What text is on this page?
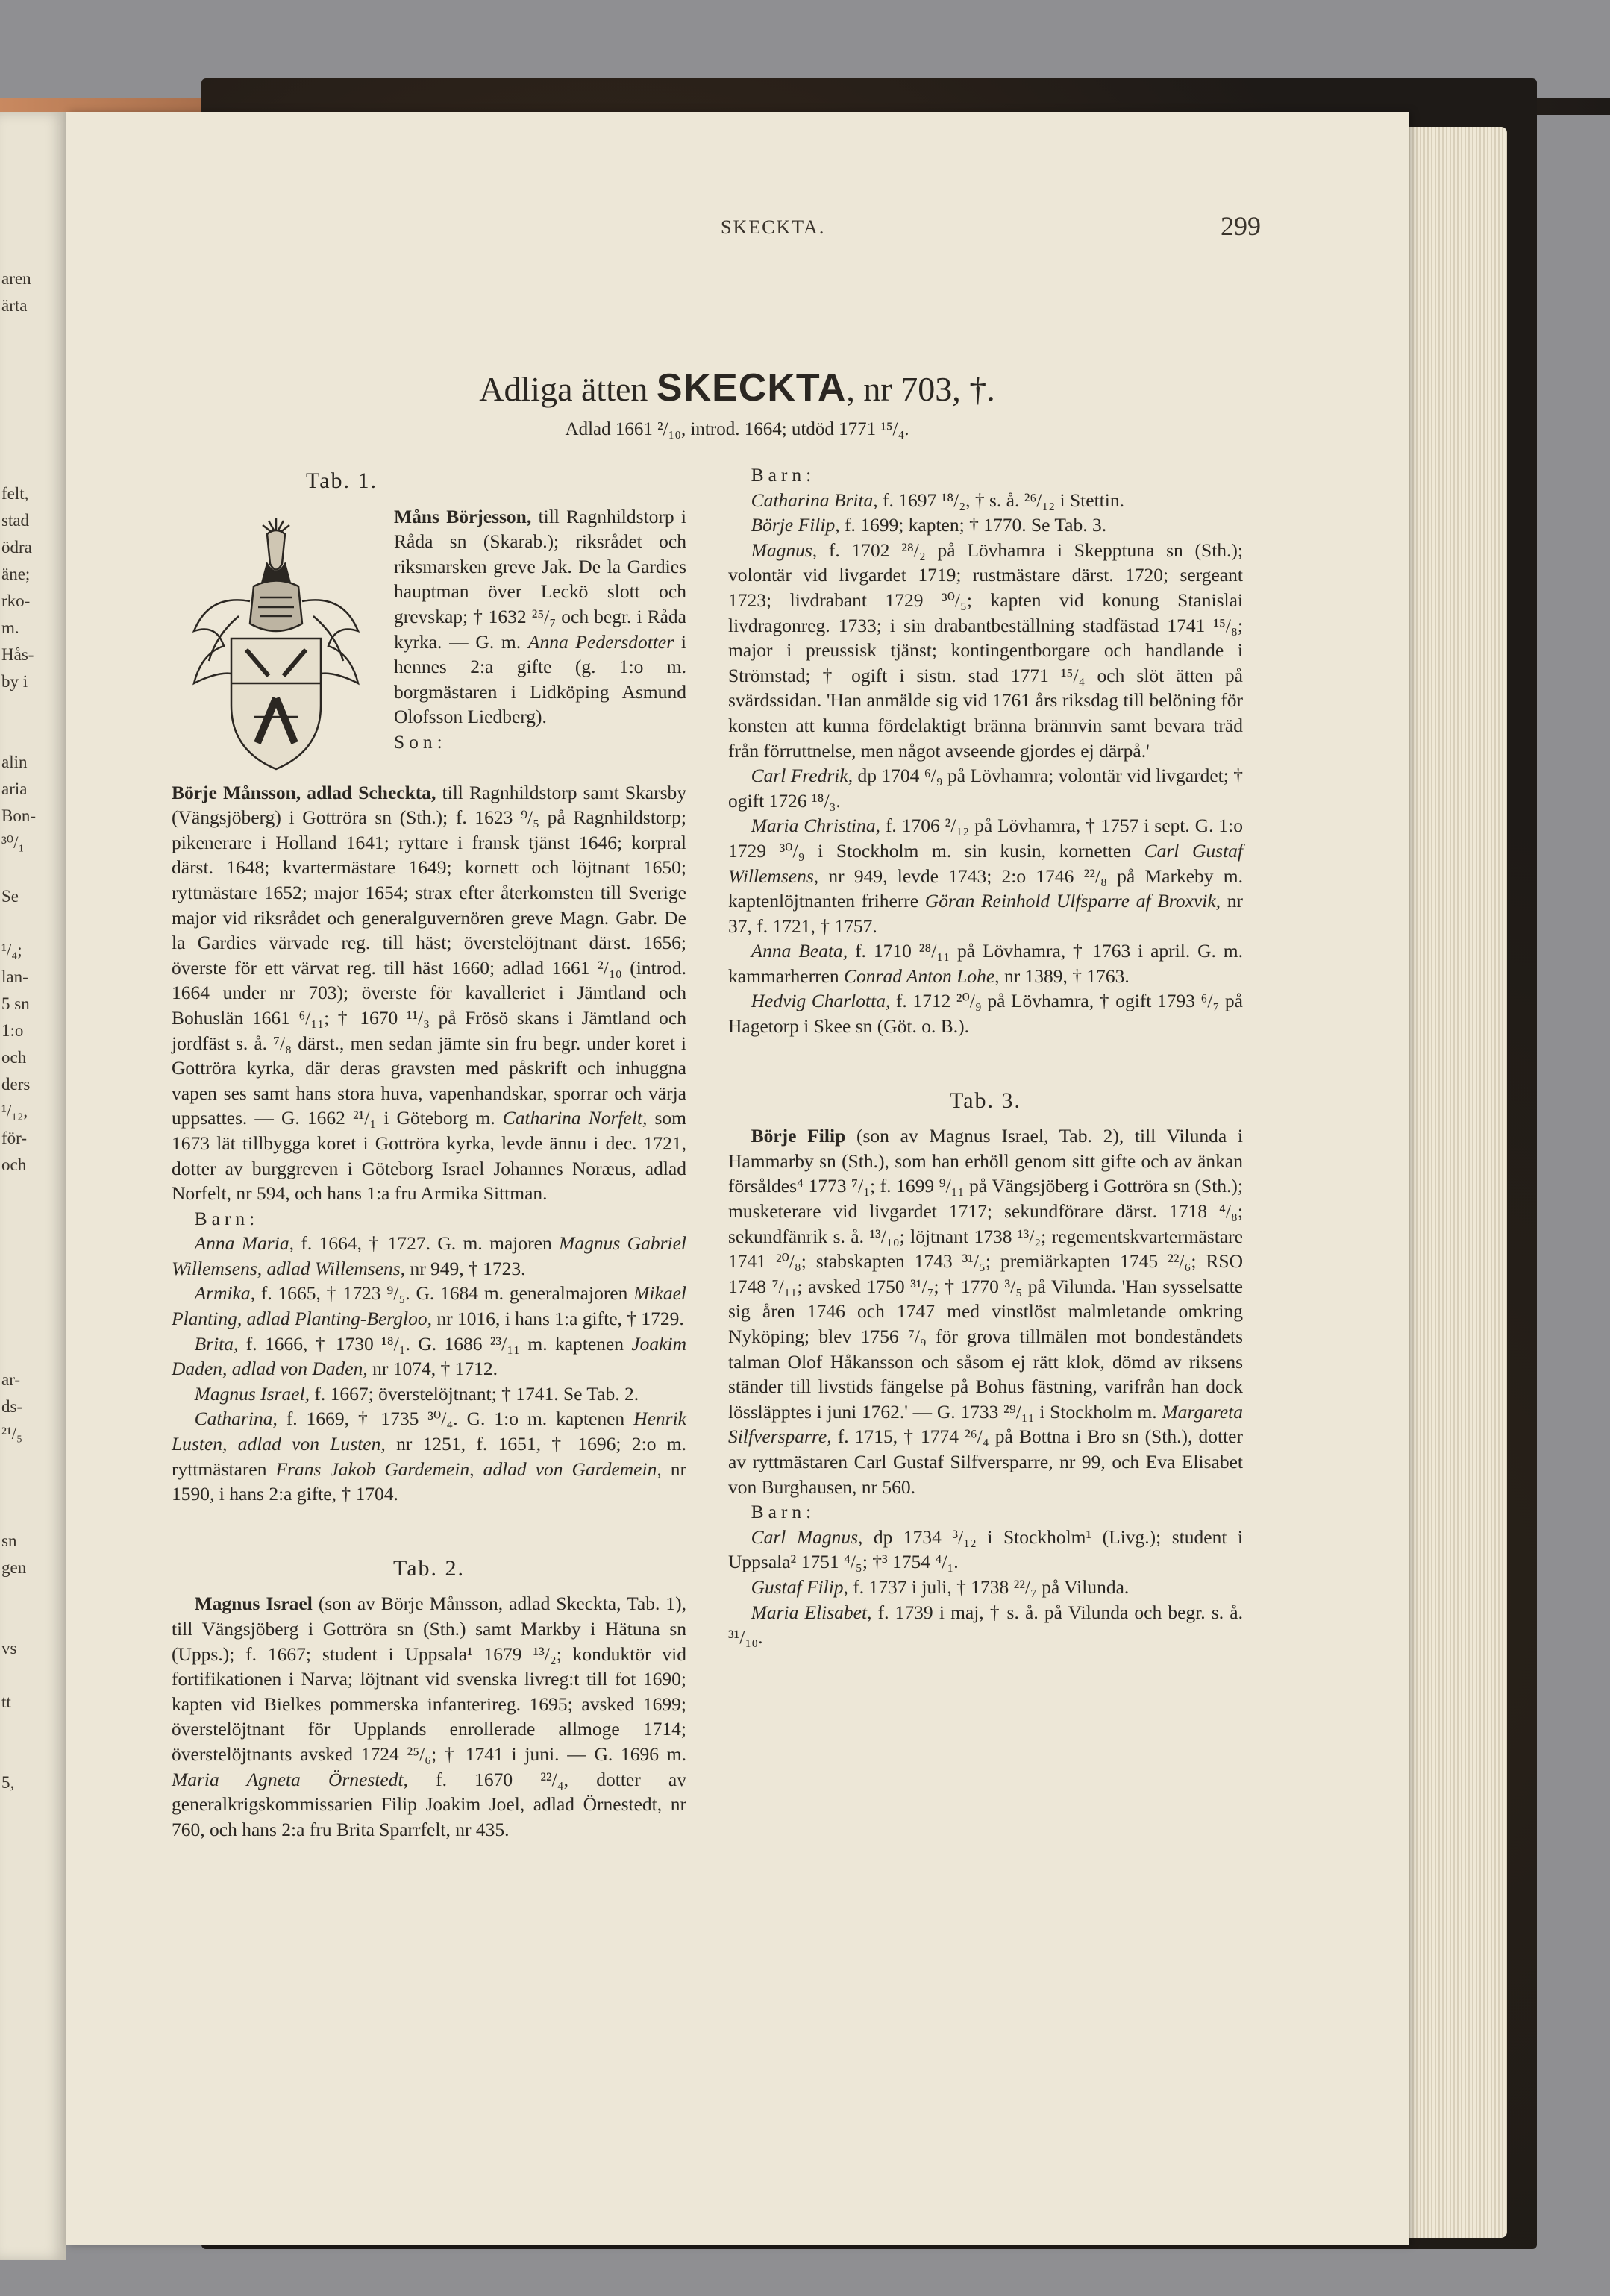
aren
ärta
felt,
stad
ödra
äne;
rko-
m.
Hås-
by i
alin
aria
Bon-
³⁰/₁
Se
¹/₄;
lan-
5 sn
1:o
och
ders
¹/₁₂,
för-
och
ar-
ds-
²¹/₅
sn
gen
vs
tt
5,
SKECKTA.	299
Adliga ätten SKECKTA, nr 703, †.
Adlad 1661 ²/₁₀, introd. 1664; utdöd 1771 ¹⁵/₄.
Tab. 1.

Måns Börjesson, till Ragnhildstorp i Råda sn (Skarab.); riksrådet och riksmarsken greve Jak. De la Gardies hauptman över Leckö slott och grevskap; † 1632 ²⁵/₇ och begr. i Råda kyrka. — G. m. Anna Pedersdotter i hennes 2:a gifte (g. 1:o m. borgmästaren i Lidköping Asmund Olofsson Liedberg).

Son:

Börje Månsson, adlad Scheckta, till Ragnhildstorp samt Skarsby (Vängsjöberg) i Gottröra sn (Sth.); f. 1623 ⁹/₅ på Ragnhildstorp; pikenerare i Holland 1641; ryttare i fransk tjänst 1646; korpral därst. 1648; kvartermästare 1649; kornett och löjtnant 1650; ryttmästare 1652; major 1654; strax efter återkomsten till Sverige major vid riksrådet och generalguvernören greve Magn. Gabr. De la Gardies värvade reg. till häst; överstelöjtnant därst. 1656; överste för ett värvat reg. till häst 1660; adlad 1661 ²/₁₀ (introd. 1664 under nr 703); överste för kavalleriet i Jämtland och Bohuslän 1661 ⁶/₁₁; † 1670 ¹¹/₃ på Frösö skans i Jämtland och jordfäst s. å. ⁷/₈ därst., men sedan jämte sin fru begr. under koret i Gottröra kyrka, där deras gravsten med påskrift och inhuggna vapen ses samt hans stora huva, vapenhandskar, sporrar och värja uppsattes. — G. 1662 ²¹/₁ i Göteborg m. Catharina Norfelt, som 1673 lät tillbygga koret i Gottröra kyrka, levde ännu i dec. 1721, dotter av burggreven i Göteborg Israel Johannes Noræus, adlad Norfelt, nr 594, och hans 1:a fru Armika Sittman.

Barn:

Anna Maria, f. 1664, † 1727. G. m. majoren Magnus Gabriel Willemsens, adlad Willemsens, nr 949, † 1723.

Armika, f. 1665, † 1723 ⁹/₅. G. 1684 m. generalmajoren Mikael Planting, adlad Planting-Bergloo, nr 1016, i hans 1:a gifte, † 1729.

Brita, f. 1666, † 1730 ¹⁸/₁. G. 1686 ²³/₁₁ m. kaptenen Joakim Daden, adlad von Daden, nr 1074, † 1712.

Magnus Israel, f. 1667; överstelöjtnant; † 1741. Se Tab. 2.

Catharina, f. 1669, † 1735 ³⁰/₄. G. 1:o m. kaptenen Henrik Lusten, adlad von Lusten, nr 1251, f. 1651, † 1696; 2:o m. ryttmästaren Frans Jakob Gardemein, adlad von Gardemein, nr 1590, i hans 2:a gifte, † 1704.

Tab. 2.

Magnus Israel (son av Börje Månsson, adlad Skeckta, Tab. 1), till Vängsjöberg i Gottröra sn (Sth.) samt Markby i Hätuna sn (Upps.); f. 1667; student i Uppsala¹ 1679 ¹³/₂; konduktör vid fortifikationen i Narva; löjtnant vid svenska livreg:t till fot 1690; kapten vid Bielkes pommerska infanterireg. 1695; avsked 1699; överstelöjtnant för Upplands enrollerade allmoge 1714; överstelöjtnants avsked 1724 ²⁵/₆; † 1741 i juni. — G. 1696 m. Maria Agneta Örnestedt, f. 1670 ²²/₄, dotter av generalkrigskommissarien Filip Joakim Joel, adlad Örnestedt, nr 760, och hans 2:a fru Brita Sparrfelt, nr 435.

Barn:

Catharina Brita, f. 1697 ¹⁸/₂, † s. å. ²⁶/₁₂ i Stettin.

Börje Filip, f. 1699; kapten; † 1770. Se Tab. 3.

Magnus, f. 1702 ²⁸/₂ på Lövhamra i Skepptuna sn (Sth.); volontär vid livgardet 1719; rustmästare därst. 1720; sergeant 1723; livdrabant 1729 ³⁰/₅; kapten vid konung Stanislai livdragonreg. 1733; i sin drabantbeställning stadfästad 1741 ¹⁵/₈; major i preussisk tjänst; kontingentborgare och handlande i Strömstad; † ogift i sistn. stad 1771 ¹⁵/₄ och slöt ätten på svärdssidan. 'Han anmälde sig vid 1761 års riksdag till belöning för konsten att kunna fördelaktigt bränna brännvin samt bevara träd från förruttnelse, men något avseende gjordes ej därpå.'

Carl Fredrik, dp 1704 ⁶/₉ på Lövhamra; volontär vid livgardet; † ogift 1726 ¹⁸/₃.

Maria Christina, f. 1706 ²/₁₂ på Lövhamra, † 1757 i sept. G. 1:o 1729 ³⁰/₉ i Stockholm m. sin kusin, kornetten Carl Gustaf Willemsens, nr 949, levde 1743; 2:o 1746 ²²/₈ på Markeby m. kaptenlöjtnanten friherre Göran Reinhold Ulfsparre af Broxvik, nr 37, f. 1721, † 1757.

Anna Beata, f. 1710 ²⁸/₁₁ på Lövhamra, † 1763 i april. G. m. kammarherren Conrad Anton Lohe, nr 1389, † 1763.

Hedvig Charlotta, f. 1712 ²⁰/₉ på Lövhamra, † ogift 1793 ⁶/₇ på Hagetorp i Skee sn (Göt. o. B.).

Tab. 3.

Börje Filip (son av Magnus Israel, Tab. 2), till Vilunda i Hammarby sn (Sth.), som han erhöll genom sitt gifte och av änkan försåldes⁴ 1773 ⁷/₁; f. 1699 ⁹/₁₁ på Vängsjöberg i Gottröra sn (Sth.); musketerare vid livgardet 1717; sekundförare därst. 1718 ⁴/₈; sekundfänrik s. å. ¹³/₁₀; löjtnant 1738 ¹³/₂; regementskvartermästare 1741 ²⁰/₈; stabskapten 1743 ³¹/₅; premiärkapten 1745 ²²/₆; RSO 1748 ⁷/₁₁; avsked 1750 ³¹/₇; † 1770 ³/₅ på Vilunda. 'Han sysselsatte sig åren 1746 och 1747 med vinstlöst malmletande omkring Nyköping; blev 1756 ⁷/₉ för grova tillmälen mot bondeståndets talman Olof Håkansson och såsom ej rätt klok, dömd av riksens ständer till livstids fängelse på Bohus fästning, varifrån han dock lössläpptes i juni 1762.' — G. 1733 ²⁹/₁₁ i Stockholm m. Margareta Silfversparre, f. 1715, † 1774 ²⁶/₄ på Bottna i Bro sn (Sth.), dotter av ryttmästaren Carl Gustaf Silfversparre, nr 99, och Eva Elisabet von Burghausen, nr 560.

Barn:

Carl Magnus, dp 1734 ³/₁₂ i Stockholm¹ (Livg.); student i Uppsala² 1751 ⁴/₅; †³ 1754 ⁴/₁.

Gustaf Filip, f. 1737 i juli, † 1738 ²²/₇ på Vilunda.

Maria Elisabet, f. 1739 i maj, † s. å. på Vilunda och begr. s. å. ³¹/₁₀.
